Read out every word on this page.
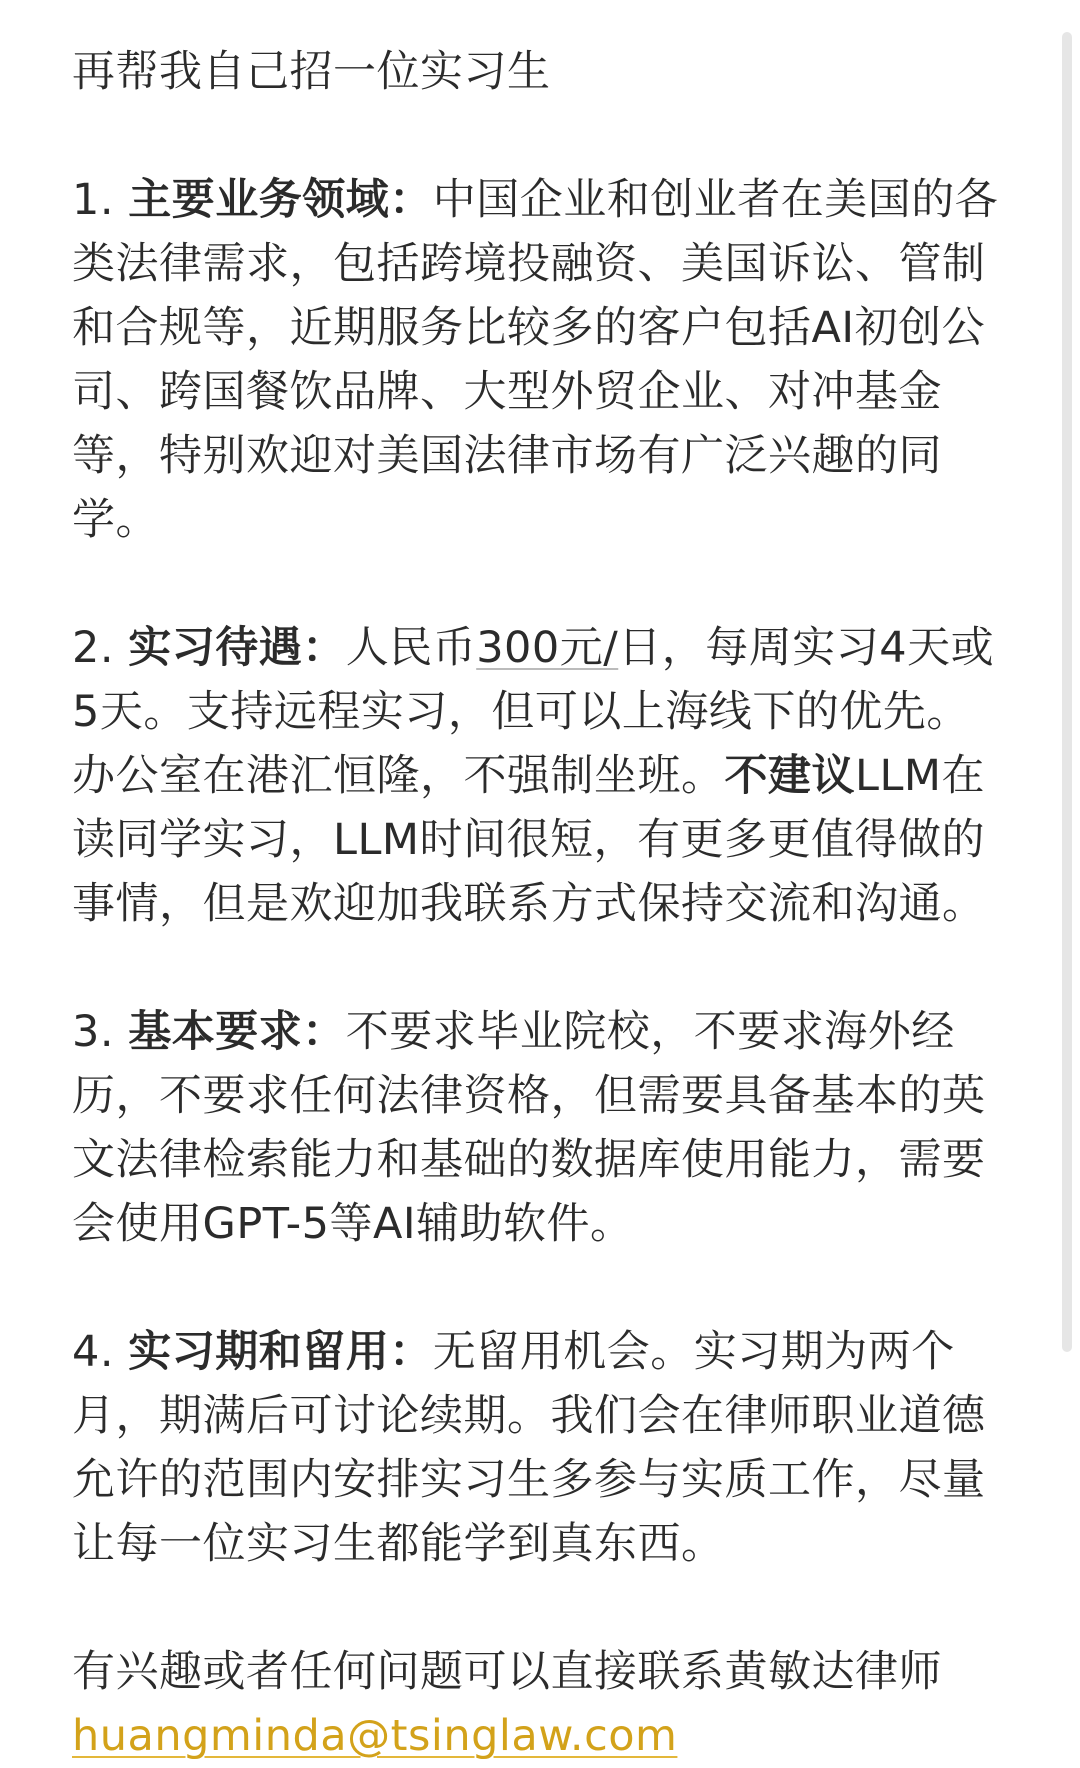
再帮我自己招一位实习生

1. 主要业务领域：中国企业和创业者在美国的各类法律需求，包括跨境投融资、美国诉讼、管制和合规等，近期服务比较多的客户包括AI初创公司、跨国餐饮品牌、大型外贸企业、对冲基金等，特别欢迎对美国法律市场有广泛兴趣的同学。

2. 实习待遇：人民币300元/日，每周实习4天或5天。支持远程实习，但可以上海线下的优先。办公室在港汇恒隆，不强制坐班。不建议LLM在读同学实习，LLM时间很短，有更多更值得做的事情，但是欢迎加我联系方式保持交流和沟通。

3. 基本要求：不要求毕业院校，不要求海外经历，不要求任何法律资格，但需要具备基本的英文法律检索能力和基础的数据库使用能力，需要会使用GPT-5等AI辅助软件。

4. 实习期和留用：无留用机会。实习期为两个月，期满后可讨论续期。我们会在律师职业道德允许的范围内安排实习生多参与实质工作，尽量让每一位实习生都能学到真东西。

有兴趣或者任何问题可以直接联系黄敏达律师

huangminda@tsinglaw.com
